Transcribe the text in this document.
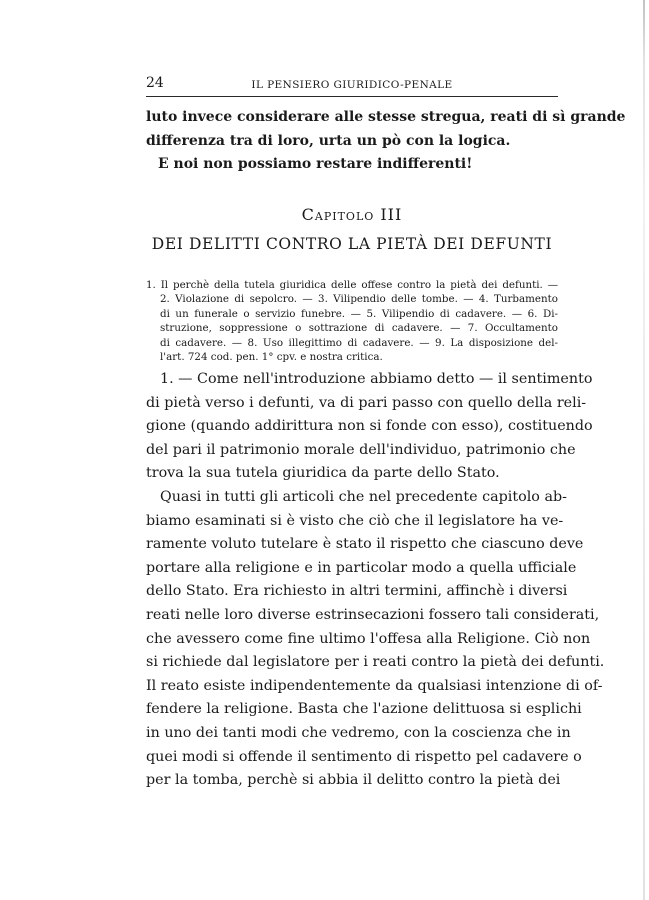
24	IL PENSIERO GIURIDICO-PENALE
luto invece considerare alle stesse stregua, reati di sì grande
differenza tra di loro, urta un pò con la logica.
E noi non possiamo restare indifferenti!
Capitolo III
DEI DELITTI CONTRO LA PIETÀ DEI DEFUNTI
1. Il perchè della tutela giuridica delle offese contro la pietà dei defunti. —
2. Violazione di sepolcro. — 3. Vilipendio delle tombe. — 4. Turbamento
di un funerale o servizio funebre. — 5. Vilipendio di cadavere. — 6. Di-
struzione, soppressione o sottrazione di cadavere. — 7. Occultamento
di cadavere. — 8. Uso illegittimo di cadavere. — 9. La disposizione del-
l'art. 724 cod. pen. 1° cpv. e nostra critica.
1. — Come nell'introduzione abbiamo detto — il sentimento
di pietà verso i defunti, va di pari passo con quello della reli-
gione (quando addirittura non si fonde con esso), costituendo
del pari il patrimonio morale dell'individuo, patrimonio che
trova la sua tutela giuridica da parte dello Stato.
Quasi in tutti gli articoli che nel precedente capitolo ab-
biamo esaminati si è visto che ciò che il legislatore ha ve-
ramente voluto tutelare è stato il rispetto che ciascuno deve
portare alla religione e in particolar modo a quella ufficiale
dello Stato. Era richiesto in altri termini, affinchè i diversi
reati nelle loro diverse estrinsecazioni fossero tali considerati,
che avessero come fine ultimo l'offesa alla Religione. Ciò non
si richiede dal legislatore per i reati contro la pietà dei defunti.
Il reato esiste indipendentemente da qualsiasi intenzione di of-
fendere la religione. Basta che l'azione delittuosa si esplichi
in uno dei tanti modi che vedremo, con la coscienza che in
quei modi si offende il sentimento di rispetto pel cadavere o
per la tomba, perchè si abbia il delitto contro la pietà dei
